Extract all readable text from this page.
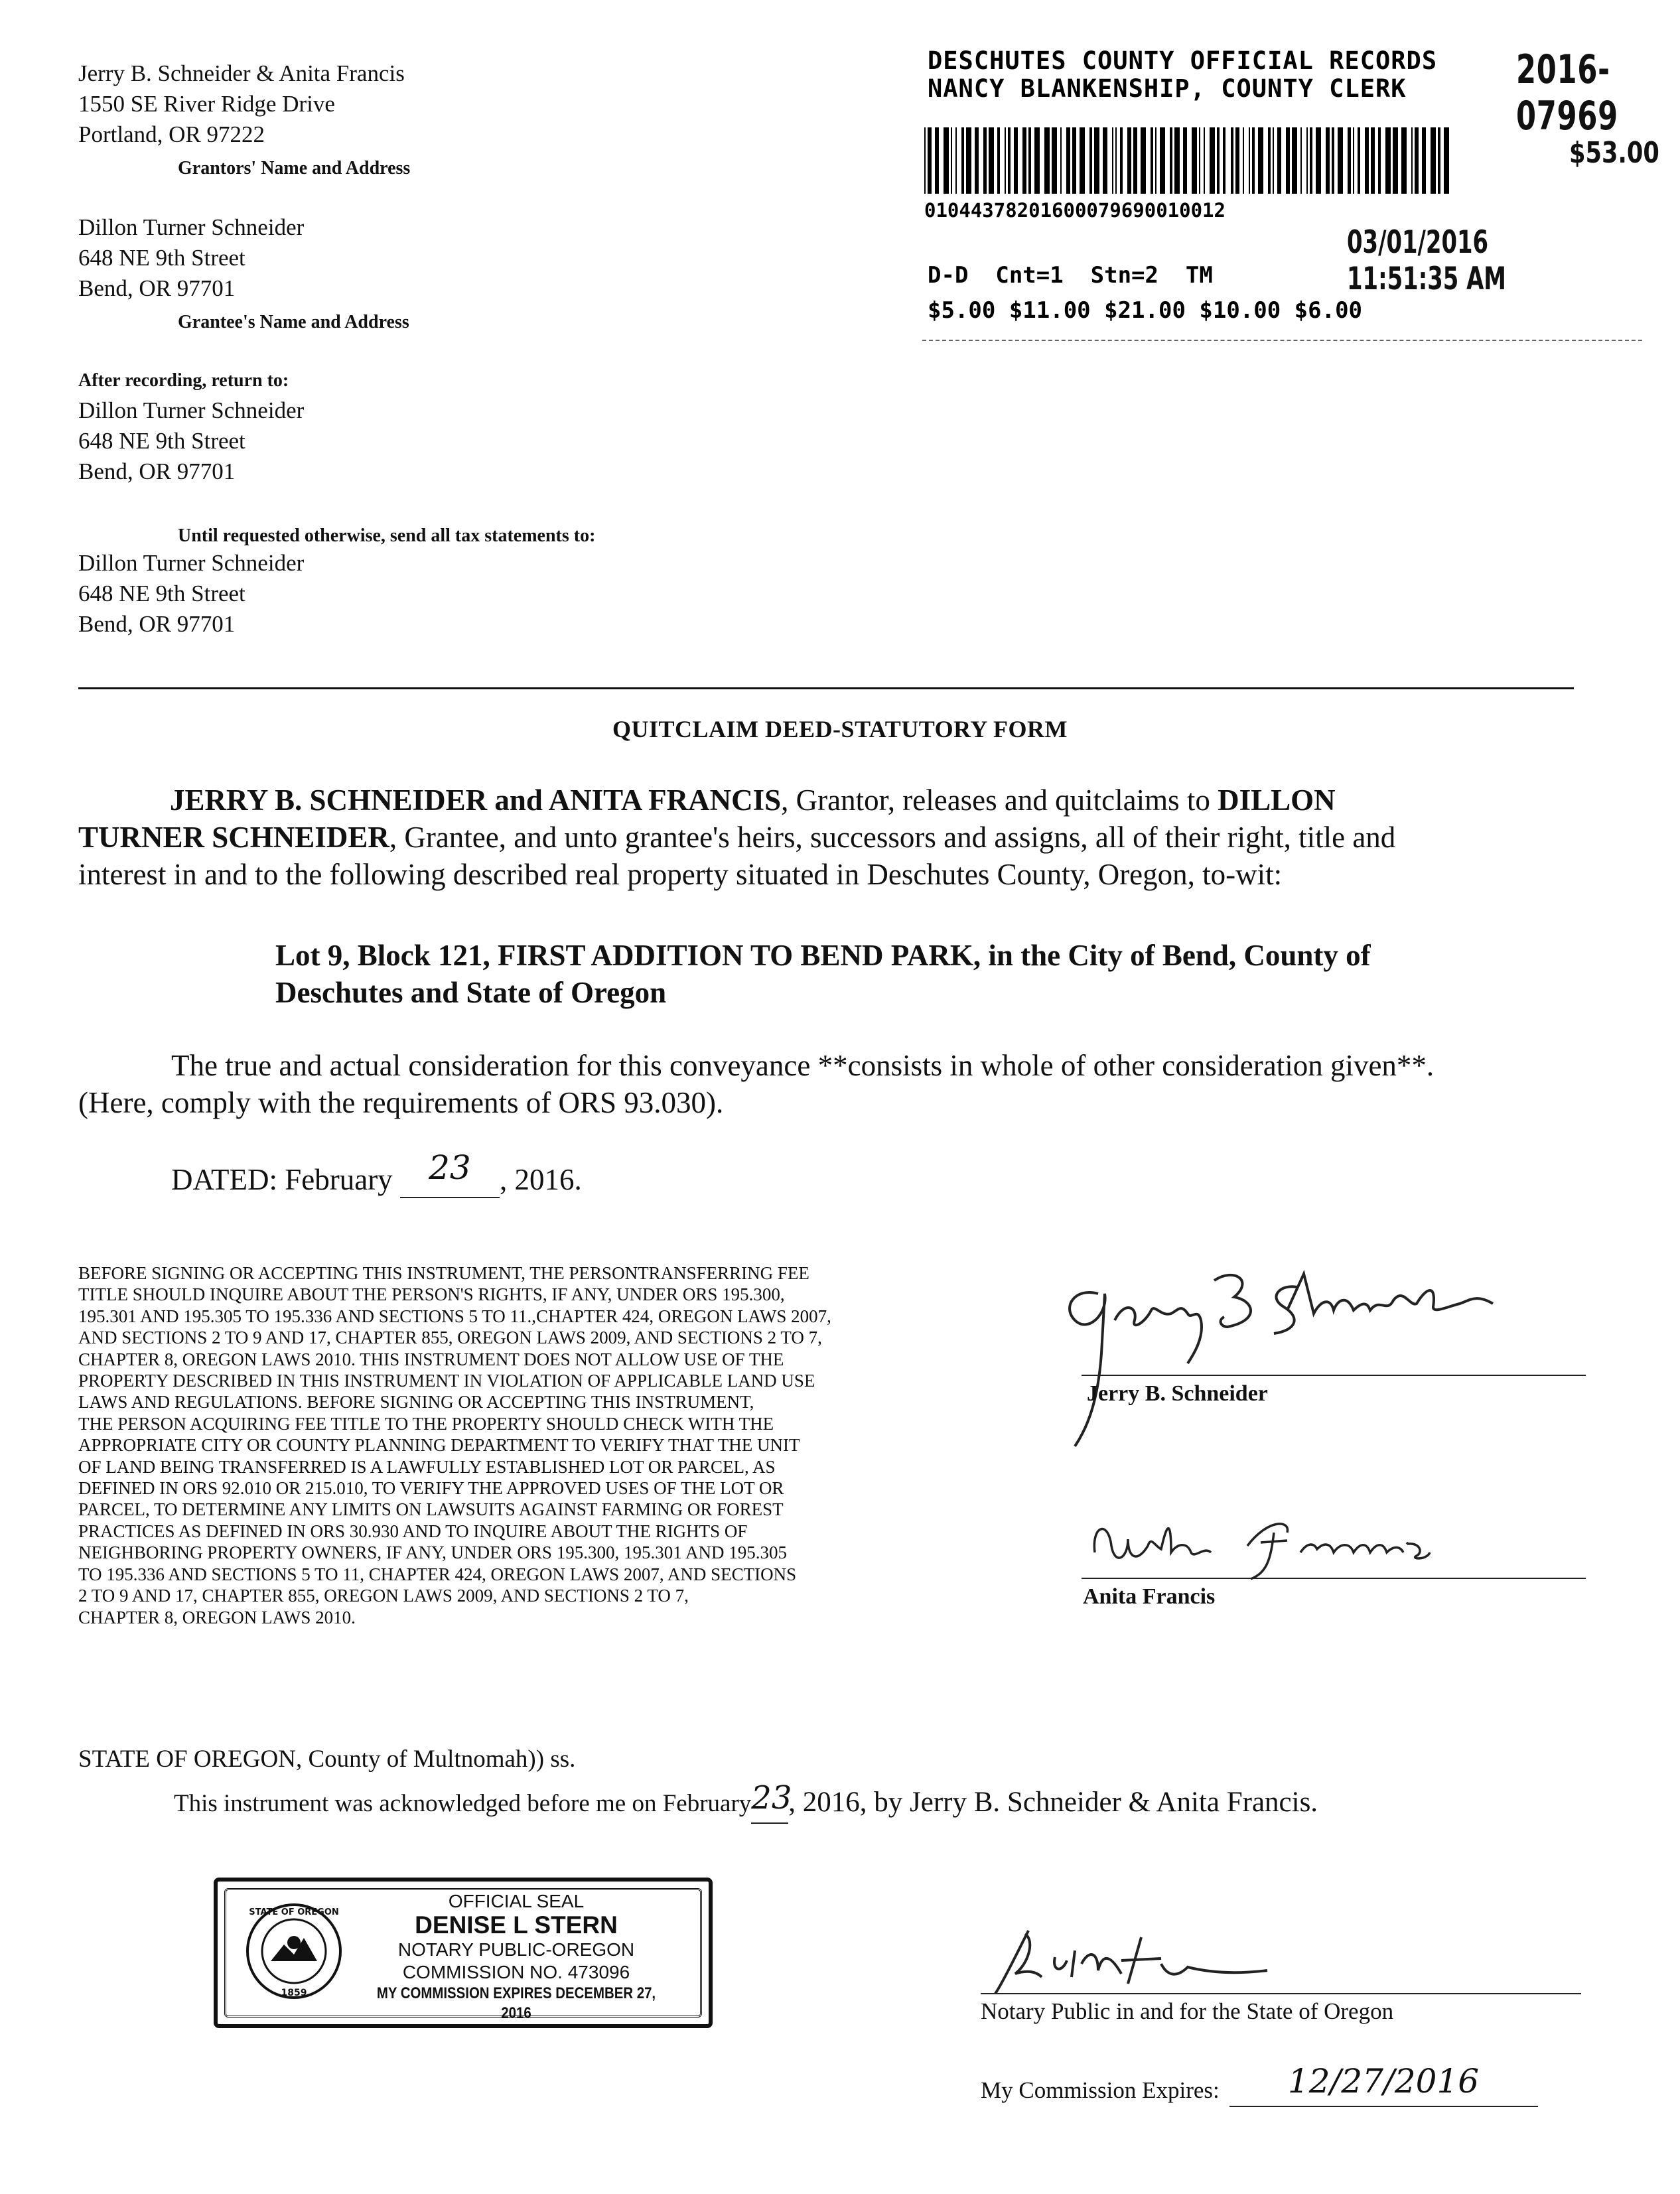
Jerry B. Schneider & Anita Francis
1550 SE River Ridge Drive
Portland, OR 97222
Grantors' Name and Address
Dillon Turner Schneider
648 NE 9th Street
Bend, OR 97701
Grantee's Name and Address
After recording, return to:
Dillon Turner Schneider
648 NE 9th Street
Bend, OR 97701
Until requested otherwise, send all tax statements to:
Dillon Turner Schneider
648 NE 9th Street
Bend, OR 97701
DESCHUTES COUNTY OFFICIAL RECORDS
NANCY BLANKENSHIP, COUNTY CLERK	2016-07969
$53.00
01044378201600079690010012
03/01/2016 11:51:35 AM
D-D  Cnt=1  Stn=2  TM
$5.00 $11.00 $21.00 $10.00 $6.00
QUITCLAIM DEED-STATUTORY FORM
JERRY B. SCHNEIDER and ANITA FRANCIS, Grantor, releases and quitclaims to DILLON
TURNER SCHNEIDER, Grantee, and unto grantee's heirs, successors and assigns, all of their right, title and
interest in and to the following described real property situated in Deschutes County, Oregon, to-wit:
Lot 9, Block 121, FIRST ADDITION TO BEND PARK, in the City of Bend, County of
Deschutes and State of Oregon
The true and actual consideration for this conveyance **consists in whole of other consideration given**.
(Here, comply with the requirements of ORS 93.030).
DATED: February 23 , 2016.
BEFORE SIGNING OR ACCEPTING THIS INSTRUMENT, THE PERSONTRANSFERRING FEE
TITLE SHOULD INQUIRE ABOUT THE PERSON'S RIGHTS, IF ANY, UNDER ORS 195.300,
195.301 AND 195.305 TO 195.336 AND SECTIONS 5 TO 11.,CHAPTER 424, OREGON LAWS 2007,
AND SECTIONS 2 TO 9 AND 17, CHAPTER 855, OREGON LAWS 2009, AND SECTIONS 2 TO 7,
CHAPTER 8, OREGON LAWS 2010. THIS INSTRUMENT DOES NOT ALLOW USE OF THE
PROPERTY DESCRIBED IN THIS INSTRUMENT IN VIOLATION OF APPLICABLE LAND USE
LAWS AND REGULATIONS. BEFORE SIGNING OR ACCEPTING THIS INSTRUMENT,
THE PERSON ACQUIRING FEE TITLE TO THE PROPERTY SHOULD CHECK WITH THE
APPROPRIATE CITY OR COUNTY PLANNING DEPARTMENT TO VERIFY THAT THE UNIT
OF LAND BEING TRANSFERRED IS A LAWFULLY ESTABLISHED LOT OR PARCEL, AS
DEFINED IN ORS 92.010 OR 215.010, TO VERIFY THE APPROVED USES OF THE LOT OR
PARCEL, TO DETERMINE ANY LIMITS ON LAWSUITS AGAINST FARMING OR FOREST
PRACTICES AS DEFINED IN ORS 30.930 AND TO INQUIRE ABOUT THE RIGHTS OF
NEIGHBORING PROPERTY OWNERS, IF ANY, UNDER ORS 195.300, 195.301 AND 195.305
TO 195.336 AND SECTIONS 5 TO 11, CHAPTER 424, OREGON LAWS 2007, AND SECTIONS
2 TO 9 AND 17, CHAPTER 855, OREGON LAWS 2009, AND SECTIONS 2 TO 7,
CHAPTER 8, OREGON LAWS 2010.
Jerry B. Schneider
Anita Francis
STATE OF OREGON, County of Multnomah)) ss.
This instrument was acknowledged before me on February23, 2016, by Jerry B. Schneider & Anita Francis.
STATE OF OREGON
1859
OFFICIAL SEAL
DENISE L STERN
NOTARY PUBLIC-OREGON
COMMISSION NO. 473096
MY COMMISSION EXPIRES DECEMBER 27, 2016	Notary Public in and for the State of Oregon
My Commission Expires: 12/27/2016
